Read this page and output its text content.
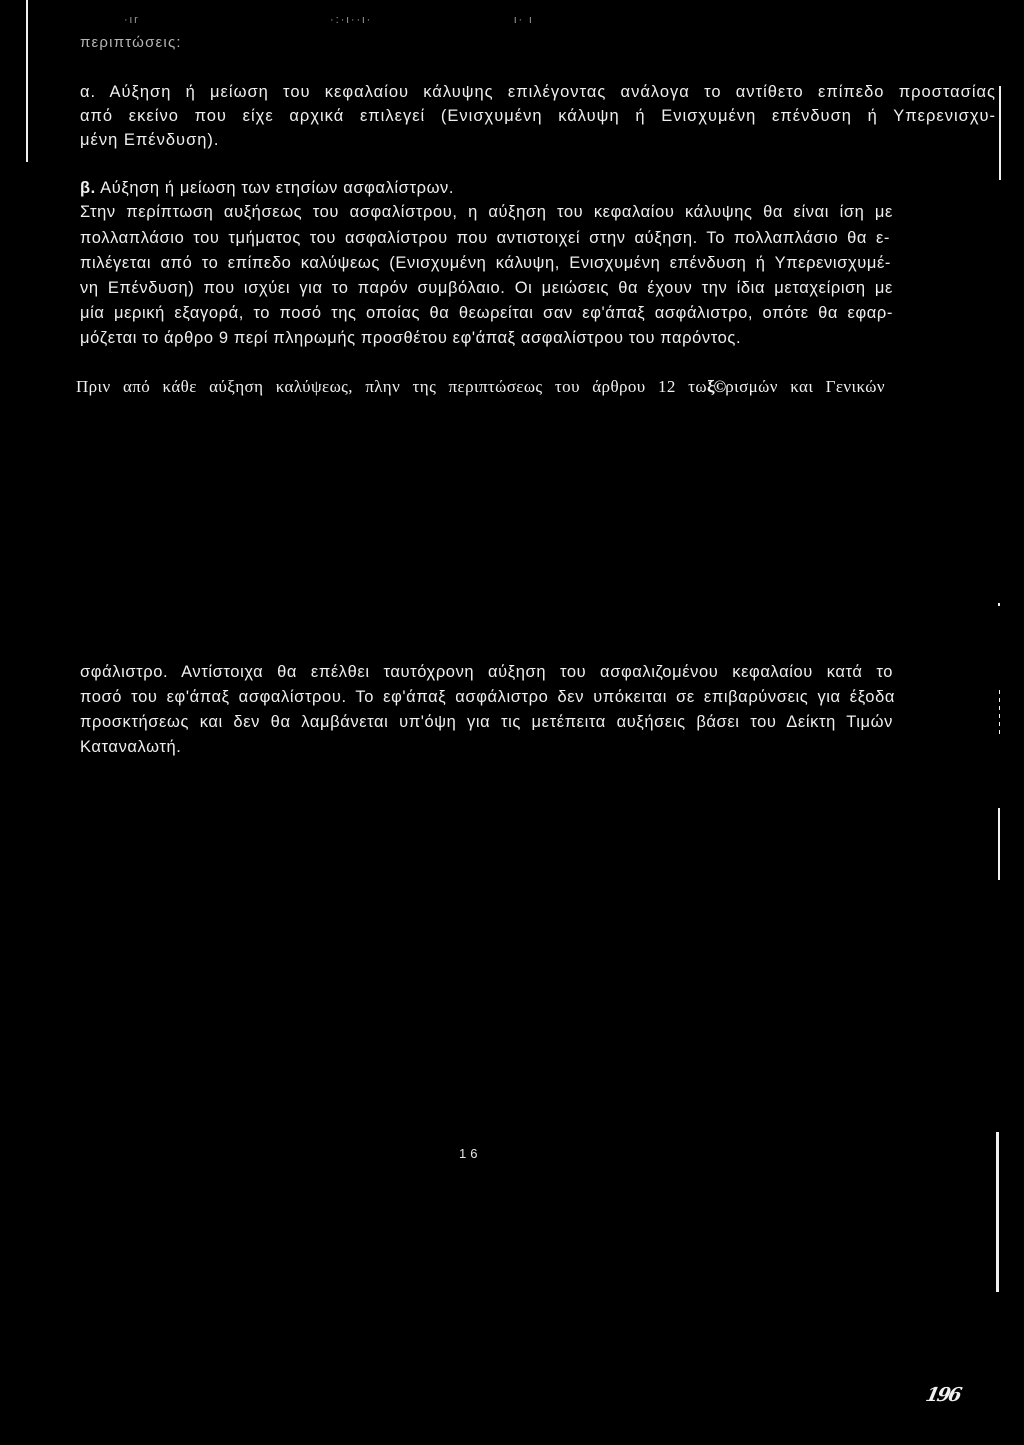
·ιr	·:·ι··ι·	ι· ι
περιπτώσεις:
α. Αύξηση ή μείωση του κεφαλαίου κάλυψης επιλέγοντας ανάλογα το αντίθετο επίπεδο προστασίας
από εκείνο που είχε αρχικά επιλεγεί (Ενισχυμένη κάλυψη ή Ενισχυμένη επένδυση ή Υπερενισχυ-
μένη Επένδυση).
β. Αύξηση ή μείωση των ετησίων ασφαλίστρων.
Στην περίπτωση αυξήσεως του ασφαλίστρου, η αύξηση του κεφαλαίου κάλυψης θα είναι ίση με
πολλαπλάσιο του τμήματος του ασφαλίστρου που αντιστοιχεί στην αύξηση. Το πολλαπλάσιο θα ε-
πιλέγεται από το επίπεδο καλύψεως (Ενισχυμένη κάλυψη, Ενισχυμένη επένδυση ή Υπερενισχυμέ-
νη Επένδυση) που ισχύει για το παρόν συμβόλαιο. Οι μειώσεις θα έχουν την ίδια μεταχείριση με
μία μερική εξαγορά, το ποσό της οποίας θα θεωρείται σαν εφ'άπαξ ασφάλιστρο, οπότε θα εφαρ-
μόζεται το άρθρο 9 περί πληρωμής προσθέτου εφ'άπαξ ασφαλίστρου του παρόντος.
Πριν από κάθε αύξηση καλύψεως, πλην της περιπτώσεως του άρθρου 12 τωξ©ρισμών και Γενικών
σφάλιστρο. Αντίστοιχα θα επέλθει ταυτόχρονη αύξηση του ασφαλιζομένου κεφαλαίου κατά το
ποσό του εφ'άπαξ ασφαλίστρου. Το εφ'άπαξ ασφάλιστρο δεν υπόκειται σε επιβαρύνσεις για έξοδα
προσκτήσεως και δεν θα λαμβάνεται υπ'όψη για τις μετέπειτα αυξήσεις βάσει του Δείκτη Τιμών
Καταναλωτή.
16
196
